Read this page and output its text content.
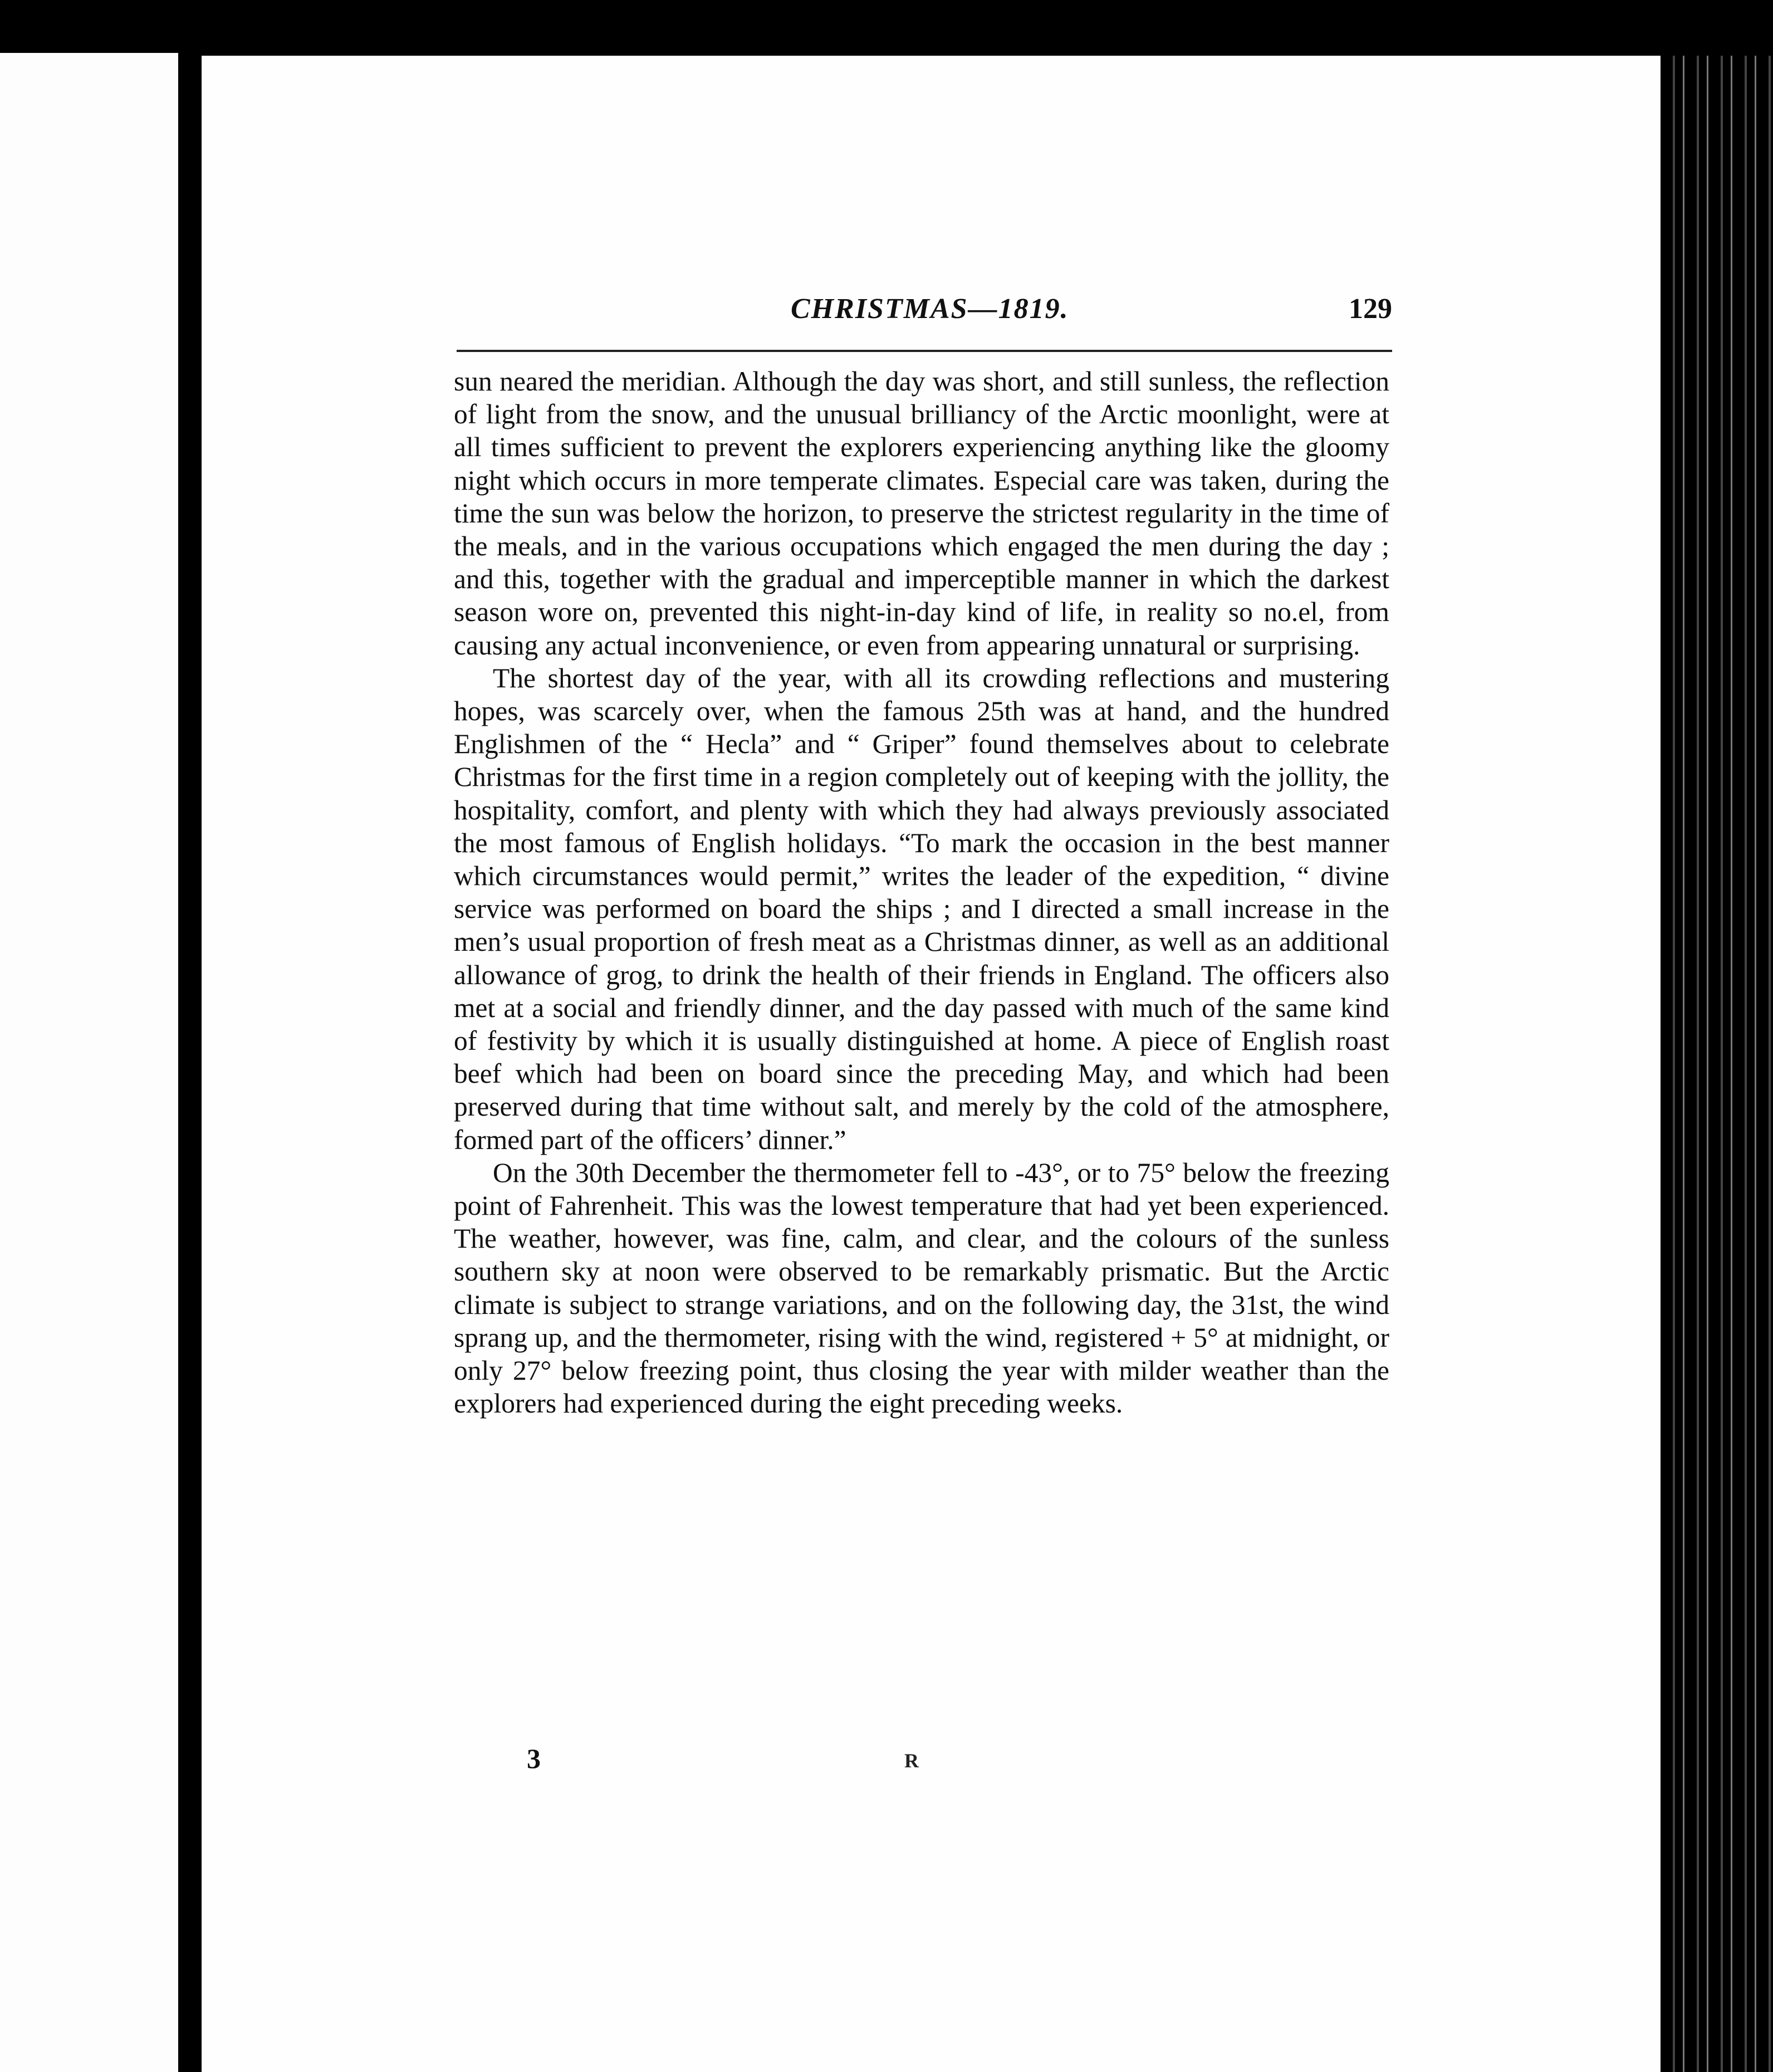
CHRISTMAS—1819.	129

sun neared the meridian. Although the day was short, and still sunless, the reflection of light from the snow, and the unusual brilliancy of the Arctic moonlight, were at all times sufficient to prevent the explorers experiencing anything like the gloomy night which occurs in more temperate climates. Especial care was taken, during the time the sun was below the horizon, to preserve the strictest regularity in the time of the meals, and in the various occupations which engaged the men during the day ; and this, together with the gradual and imperceptible manner in which the darkest season wore on, prevented this night-in-day kind of life, in reality so no.el, from causing any actual inconvenience, or even from appearing unnatural or surprising.

The shortest day of the year, with all its crowding reflections and mustering hopes, was scarcely over, when the famous 25th was at hand, and the hundred Englishmen of the “ Hecla” and “ Griper” found themselves about to celebrate Christmas for the first time in a region completely out of keeping with the jollity, the hospitality, comfort, and plenty with which they had always previously associated the most famous of English holidays. “To mark the occasion in the best manner which circumstances would permit,” writes the leader of the expedition, “ divine service was performed on board the ships ; and I directed a small increase in the men’s usual proportion of fresh meat as a Christmas dinner, as well as an additional allowance of grog, to drink the health of their friends in England. The officers also met at a social and friendly dinner, and the day passed with much of the same kind of festivity by which it is usually distinguished at home. A piece of English roast beef which had been on board since the preceding May, and which had been preserved during that time without salt, and merely by the cold of the atmosphere, formed part of the officers’ dinner.”

On the 30th December the thermometer fell to -43°, or to 75° below the freezing point of Fahrenheit. This was the lowest temperature that had yet been experienced. The weather, however, was fine, calm, and clear, and the colours of the sunless southern sky at noon were observed to be remarkably prismatic. But the Arctic climate is subject to strange variations, and on the following day, the 31st, the wind sprang up, and the thermometer, rising with the wind, registered + 5° at midnight, or only 27° below freezing point, thus closing the year with milder weather than the explorers had experienced during the eight preceding weeks.

3	R
